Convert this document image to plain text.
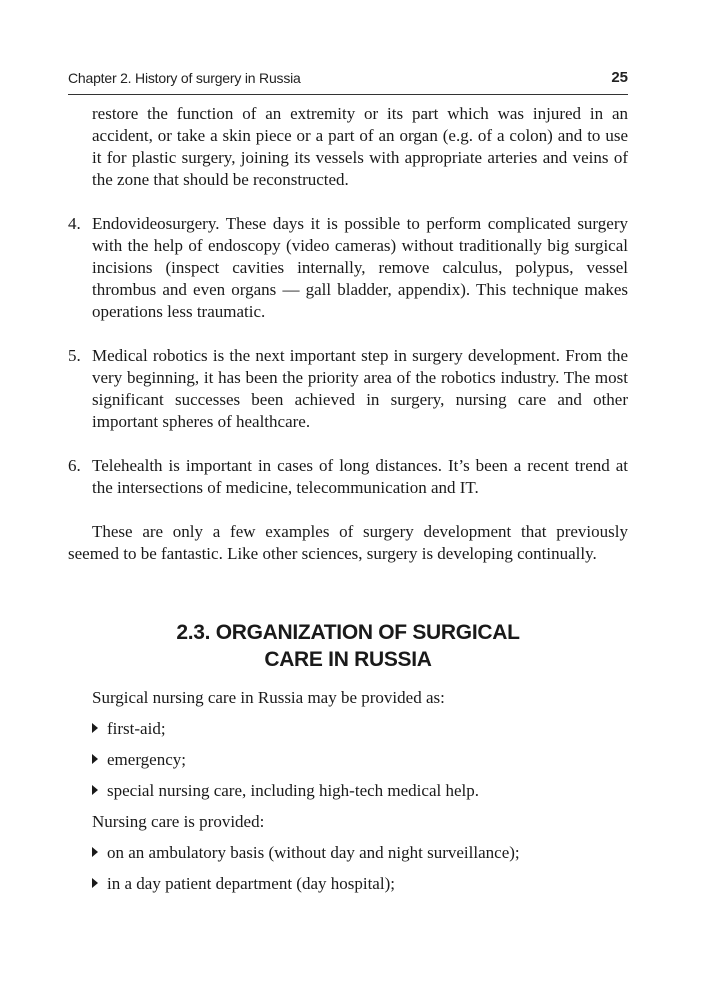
Chapter 2. History of surgery in Russia	25

restore the function of an extremity or its part which was injured in an accident, or take a skin piece or a part of an organ (e.g. of a colon) and to use it for plastic surgery, joining its vessels with appropriate arteries and veins of the zone that should be reconstructed.

4. Endovideosurgery. These days it is possible to perform complicated surgery with the help of endoscopy (video cameras) without traditionally big surgical incisions (inspect cavities internally, remove calculus, polypus, vessel thrombus and even organs — gall bladder, appendix). This technique makes operations less traumatic.
5. Medical robotics is the next important step in surgery development. From the very beginning, it has been the priority area of the robotics industry. The most significant successes been achieved in surgery, nursing care and other important spheres of healthcare.
6. Telehealth is important in cases of long distances. It’s been a recent trend at the intersections of medicine, telecommunication and IT.

These are only a few examples of surgery development that previously seemed to be fantastic. Like other sciences, surgery is developing continually.

2.3. ORGANIZATION OF SURGICAL
CARE IN RUSSIA

Surgical nursing care in Russia may be provided as:

first-aid;

emergency;

special nursing care, including high-tech medical help.

Nursing care is provided:

on an ambulatory basis (without day and night surveillance);

in a day patient department (day hospital);
